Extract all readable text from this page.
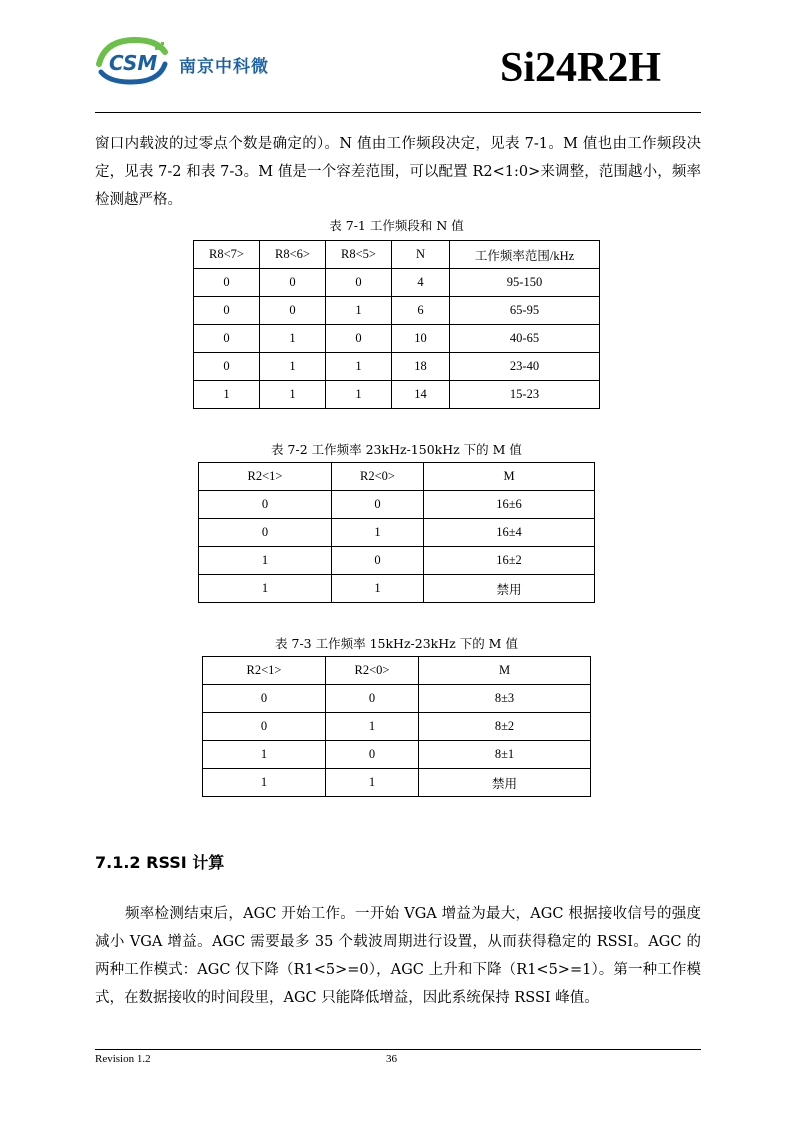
CSM 南京中科微	Si24R2H

窗口内载波的过零点个数是确定的）。N 值由工作频段决定，见表 7-1。M 值也由工作频段决定，见表 7-2 和表 7-3。M 值是一个容差范围，可以配置 R2<1:0>来调整，范围越小，频率检测越严格。

表 7-1 工作频段和 N 值
R8<7>	R8<6>	R8<5>	N	工作频率范围/kHz
0	0	0	4	95-150
0	0	1	6	65-95
0	1	0	10	40-65
0	1	1	18	23-40
1	1	1	14	15-23
表 7-2 工作频率 23kHz-150kHz 下的 M 值
R2<1>	R2<0>	M
0	0	16±6
0	1	16±4
1	0	16±2
1	1	禁用
表 7-3 工作频率 15kHz-23kHz 下的 M 值
R2<1>	R2<0>	M
0	0	8±3
0	1	8±2
1	0	8±1
1	1	禁用
7.1.2 RSSI 计算

频率检测结束后，AGC 开始工作。一开始 VGA 增益为最大，AGC 根据接收信号的强度减小 VGA 增益。AGC 需要最多 35 个载波周期进行设置，从而获得稳定的 RSSI。AGC 的两种工作模式：AGC 仅下降（R1<5>=0），AGC 上升和下降（R1<5>=1）。第一种工作模式，在数据接收的时间段里，AGC 只能降低增益，因此系统保持 RSSI 峰值。

Revision 1.2	36
